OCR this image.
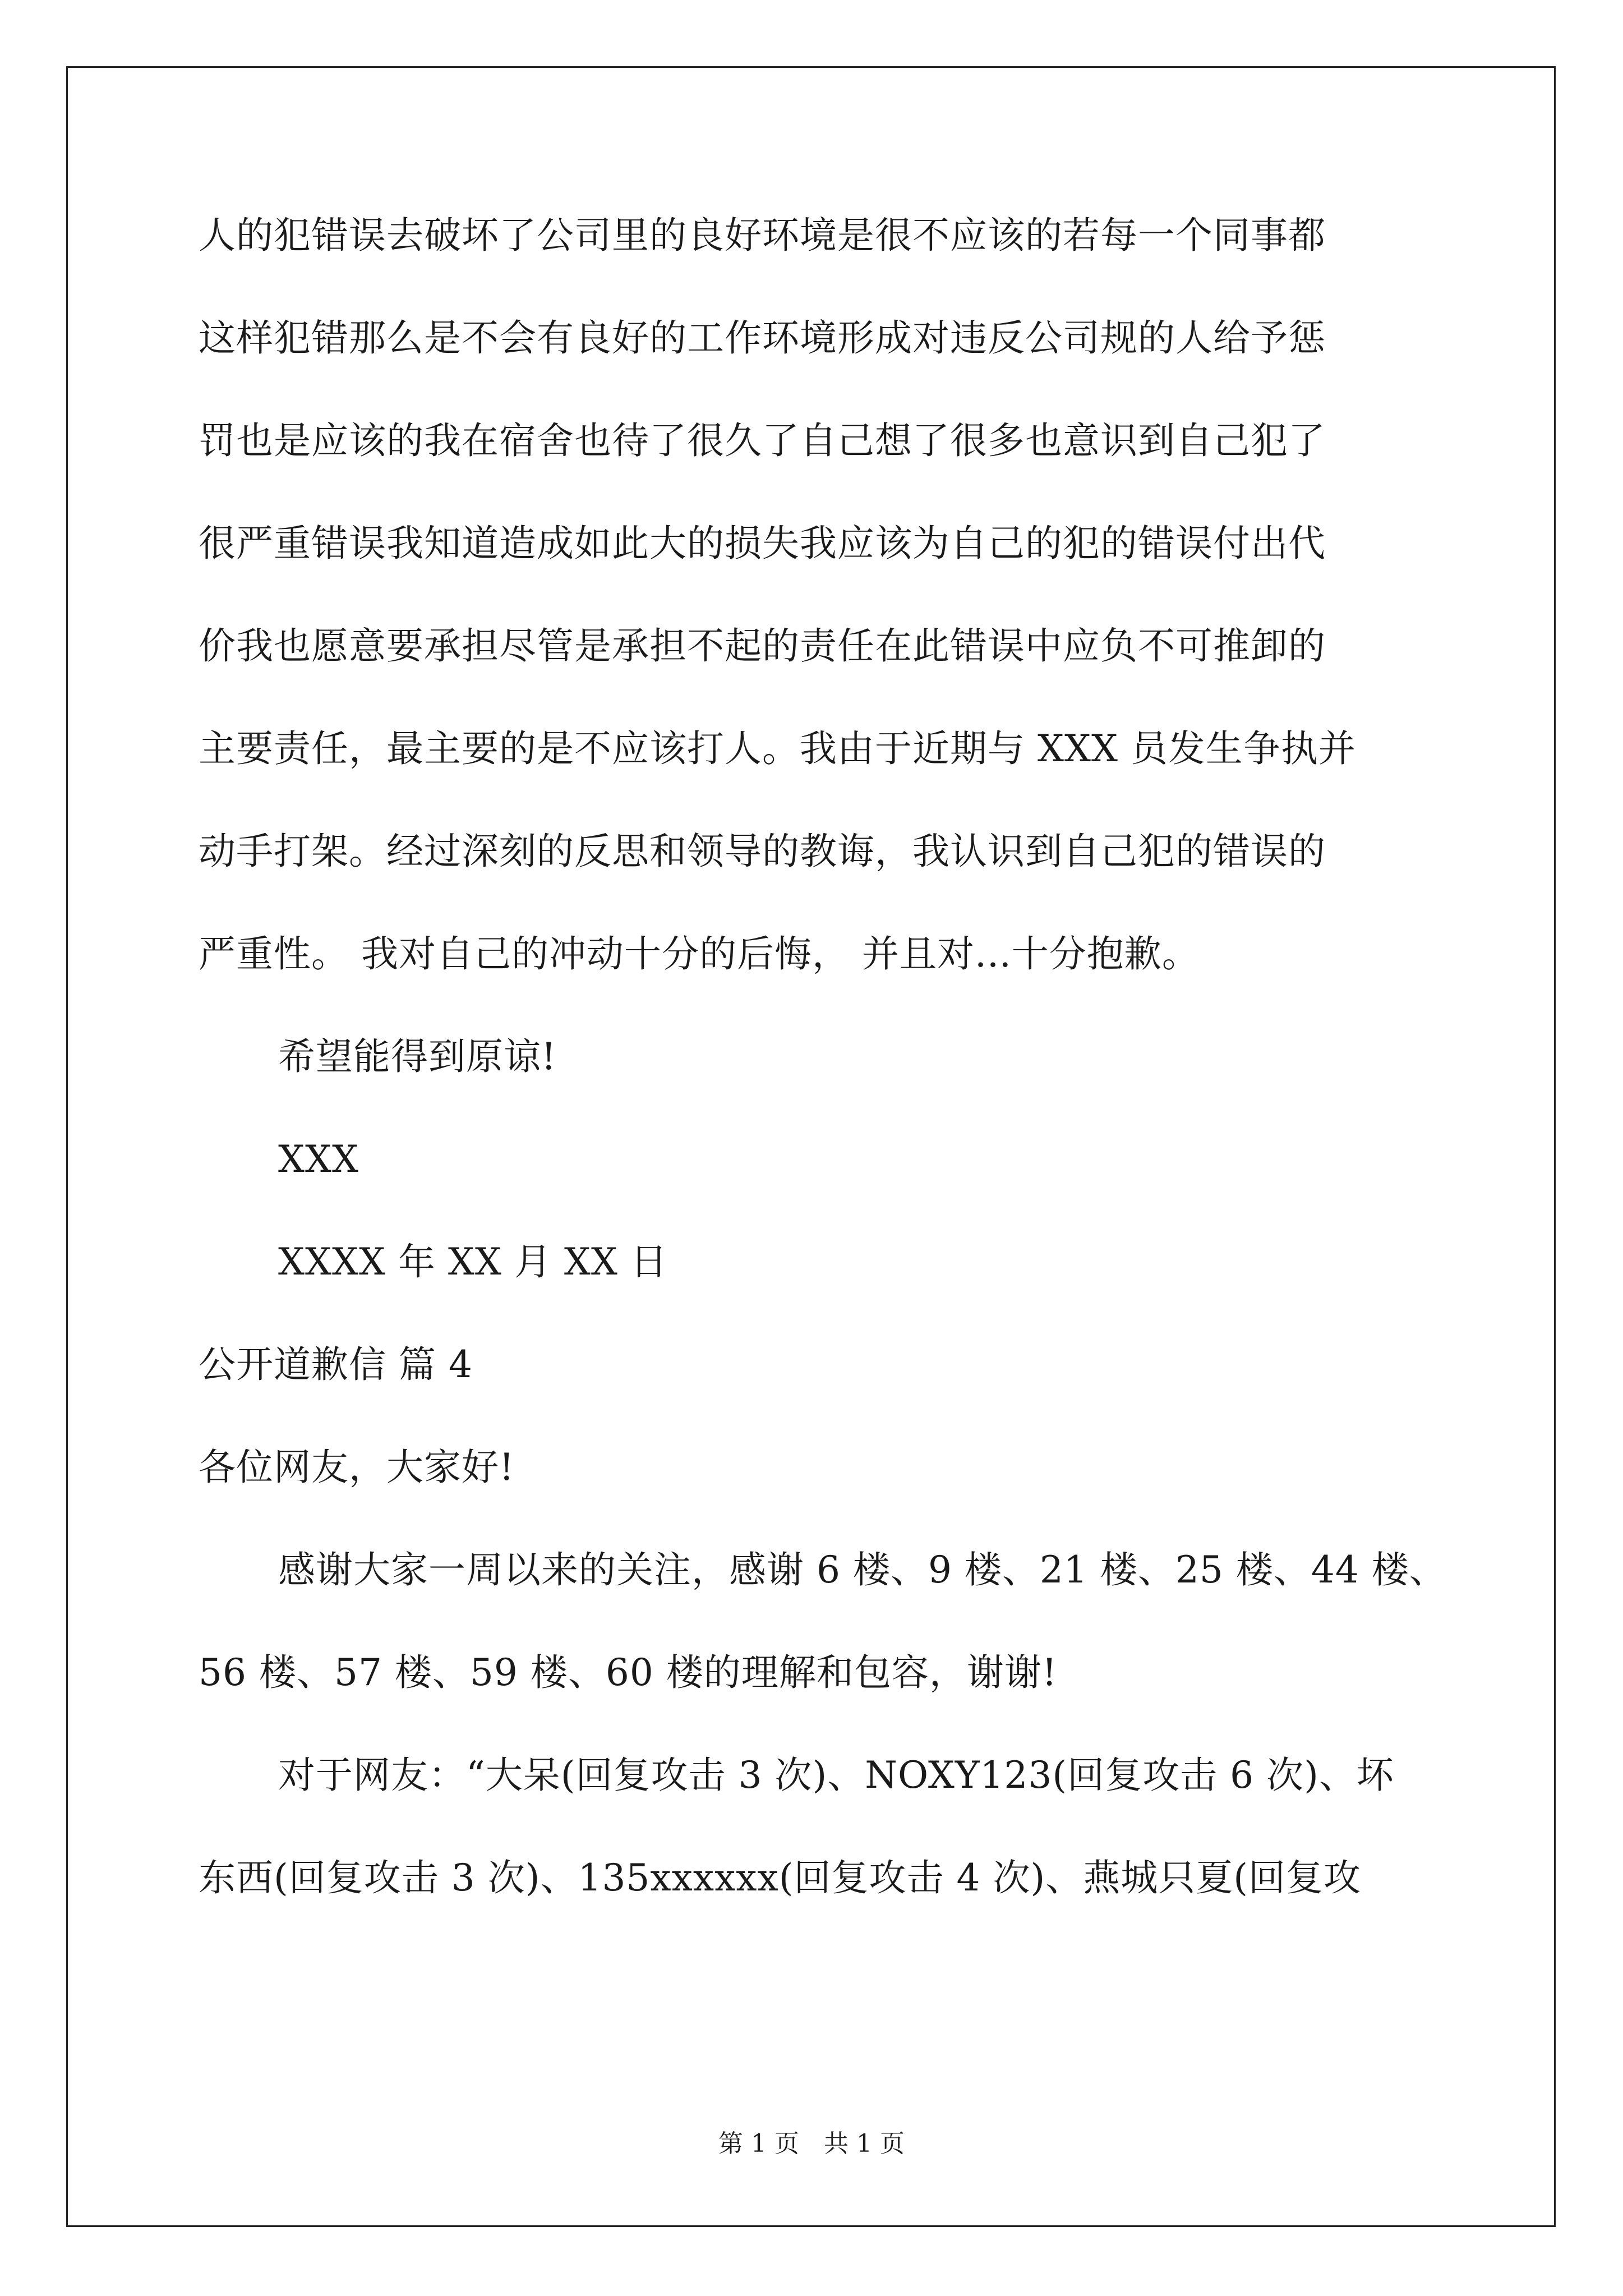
人的犯错误去破坏了公司里的良好环境是很不应该的若每一个同事都
这样犯错那么是不会有良好的工作环境形成对违反公司规的人给予惩
罚也是应该的我在宿舍也待了很久了自己想了很多也意识到自己犯了
很严重错误我知道造成如此大的损失我应该为自己的犯的错误付出代
价我也愿意要承担尽管是承担不起的责任在此错误中应负不可推卸的
主要责任，最主要的是不应该打人。我由于近期与 XXX 员发生争执并
动手打架。经过深刻的反思和领导的教诲，我认识到自己犯的错误的
严重性。 我对自己的冲动十分的后悔， 并且对...十分抱歉。
希望能得到原谅!
XXX
XXXX 年 XX 月 XX 日
公开道歉信 篇 4
各位网友，大家好!
感谢大家一周以来的关注，感谢 6 楼、9 楼、21 楼、25 楼、44 楼、
56 楼、57 楼、59 楼、60 楼的理解和包容，谢谢!
对于网友：“大呆(回复攻击 3 次)、NOXY123(回复攻击 6 次)、坏
东西(回复攻击 3 次)、135xxxxxx(回复攻击 4 次)、燕城只夏(回复攻
第 1 页　共 1 页
